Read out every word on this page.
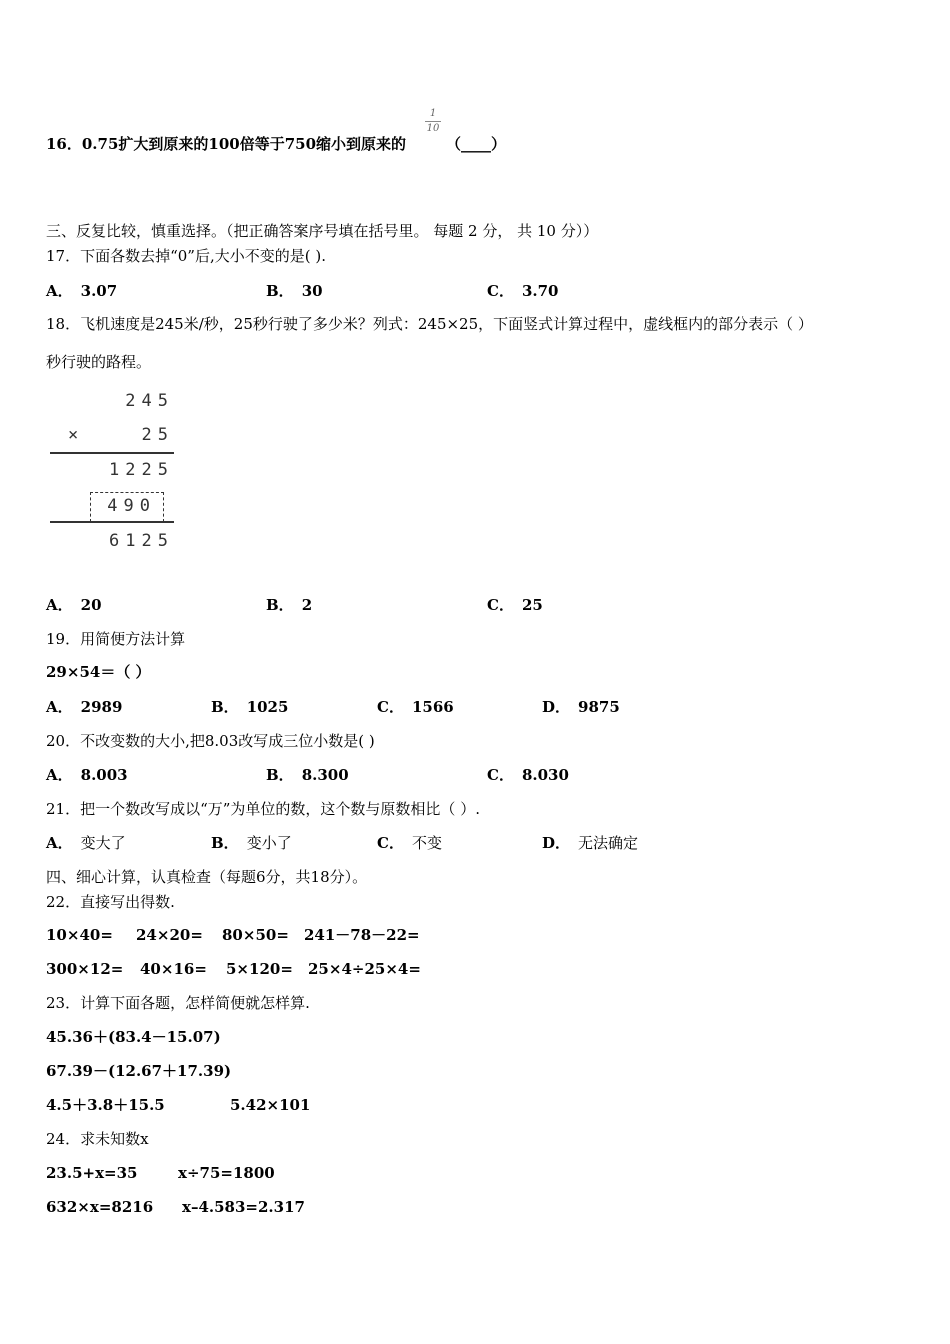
16．0.75扩大到原来的100倍等于750缩小到原来的
1
10
（____）
三、反复比较，慎重选择。（把正确答案序号填在括号里。 每题 2 分， 共 10 分））
17．下面各数去掉“0”后,大小不变的是( ).
A． 3.07	B． 30	C． 3.70
18．飞机速度是245米/秒，25秒行驶了多少米？列式：245×25，下面竖式计算过程中，虚线框内的部分表示（ ）
秒行驶的路程。
245
×	25
1225
490
6125
A． 20	B． 2	C． 25
19．用简便方法计算
29×54＝（ ）
A． 2989	B． 1025	C． 1566	D． 9875
20．不改变数的大小,把8.03改写成三位小数是( )
A． 8.003	B． 8.300	C． 8.030
21．把一个数改写成以“万”为单位的数，这个数与原数相比（ ）.
A． 变大了	B． 变小了	C． 不变	D． 无法确定
四、细心计算，认真检查（每题6分，共18分）。
22．直接写出得数.
10×40= 24×20= 80×50= 241－78－22=
300×12= 40×16= 5×120= 25×4÷25×4=
23．计算下面各题，怎样简便就怎样算.
45.36＋(83.4－15.07)
67.39－(12.67＋17.39)
4.5＋3.8＋15.5	5.42×101
24．求未知数x
23.5+x=35	x÷75=1800
632×x=8216 x–4.583=2.317
